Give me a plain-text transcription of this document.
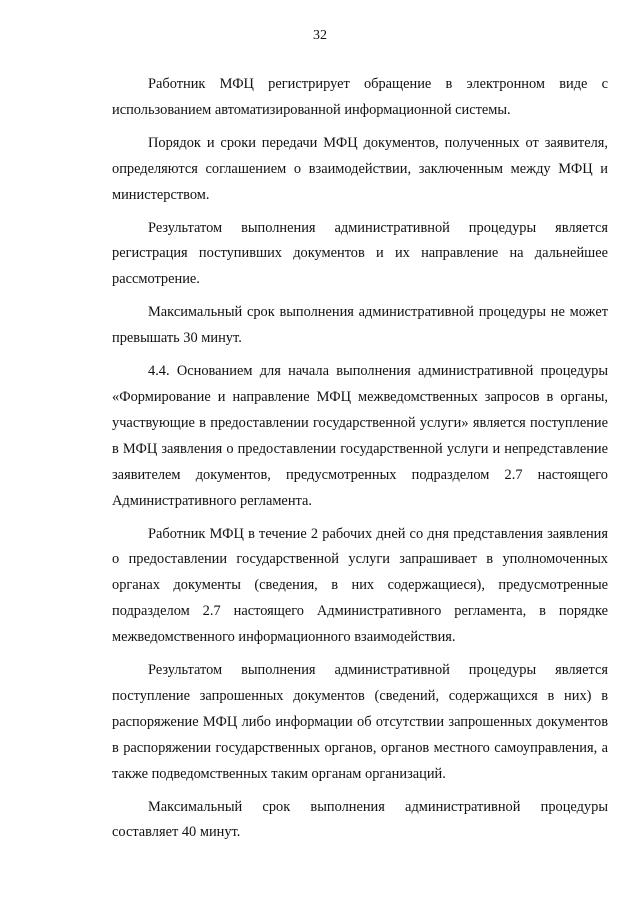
32

Работник МФЦ регистрирует обращение в электронном виде с использованием автоматизированной информационной системы.

Порядок и сроки передачи МФЦ документов, полученных от заявителя, определяются соглашением о взаимодействии, заключенным между МФЦ и министерством.

Результатом выполнения административной процедуры является регистрация поступивших документов и их направление на дальнейшее рассмотрение.

Максимальный срок выполнения административной процедуры не может превышать 30 минут.

4.4. Основанием для начала выполнения административной процедуры «Формирование и направление МФЦ межведомственных запросов в органы, участвующие в предоставлении государственной услуги» является поступление в МФЦ заявления о предоставлении государственной услуги и непредставление заявителем документов, предусмотренных подразделом 2.7 настоящего Административного регламента.

Работник МФЦ в течение 2 рабочих дней со дня представления заявления о предоставлении государственной услуги запрашивает в уполномоченных органах документы (сведения, в них содержащиеся), предусмотренные подразделом 2.7 настоящего Административного регламента, в порядке межведомственного информационного взаимодействия.

Результатом выполнения административной процедуры является поступление запрошенных документов (сведений, содержащихся в них) в распоряжение МФЦ либо информации об отсутствии запрошенных документов в распоряжении государственных органов, органов местного самоуправления, а также подведомственных таким органам организаций.

Максимальный срок выполнения административной процедуры составляет 40 минут.
